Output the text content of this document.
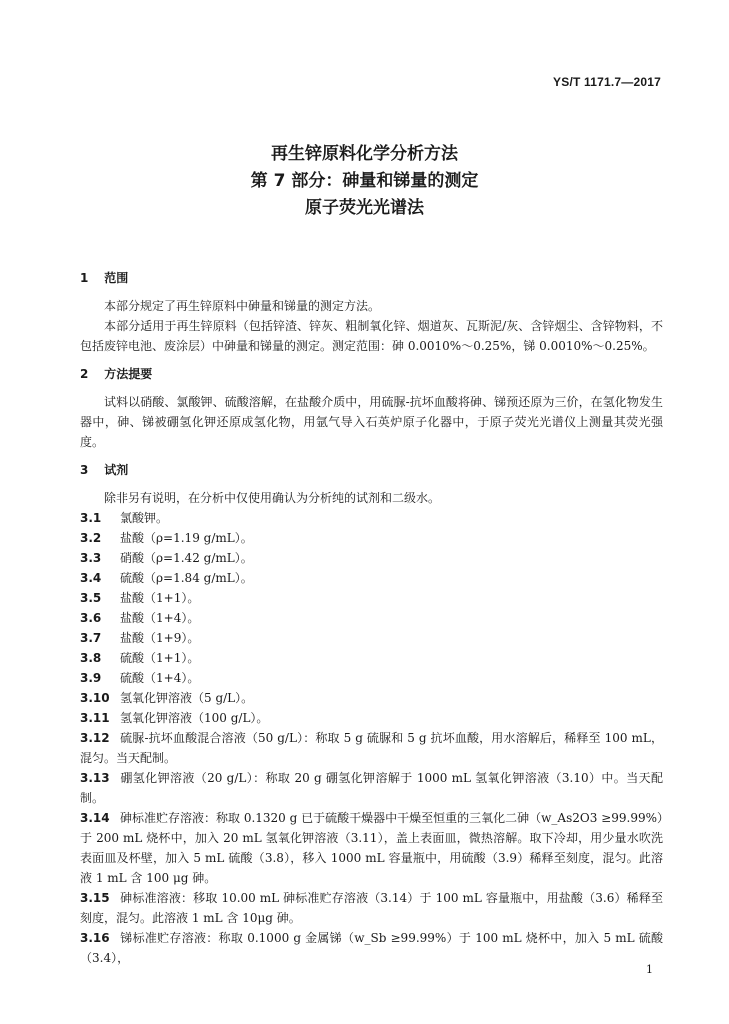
YS/T 1171.7—2017
再生锌原料化学分析方法
第 7 部分：砷量和锑量的测定
原子荧光光谱法
1 范围

本部分规定了再生锌原料中砷量和锑量的测定方法。

本部分适用于再生锌原料（包括锌渣、锌灰、粗制氧化锌、烟道灰、瓦斯泥/灰、含锌烟尘、含锌物料，不包括废锌电池、废涂层）中砷量和锑量的测定。测定范围：砷 0.0010%～0.25%，锑 0.0010%～0.25%。

2 方法提要

试料以硝酸、氯酸钾、硫酸溶解，在盐酸介质中，用硫脲-抗坏血酸将砷、锑预还原为三价，在氢化物发生器中，砷、锑被硼氢化钾还原成氢化物，用氩气导入石英炉原子化器中，于原子荧光光谱仪上测量其荧光强度。

3 试剂

除非另有说明，在分析中仅使用确认为分析纯的试剂和二级水。

3.1 氯酸钾。

3.2 盐酸（ρ=1.19 g/mL）。

3.3 硝酸（ρ=1.42 g/mL）。

3.4 硫酸（ρ=1.84 g/mL）。

3.5 盐酸（1+1）。

3.6 盐酸（1+4）。

3.7 盐酸（1+9）。

3.8 硫酸（1+1）。

3.9 硫酸（1+4）。

3.10 氢氧化钾溶液（5 g/L）。

3.11 氢氧化钾溶液（100 g/L）。

3.12 硫脲-抗坏血酸混合溶液（50 g/L）：称取 5 g 硫脲和 5 g 抗坏血酸，用水溶解后，稀释至 100 mL，混匀。当天配制。

3.13 硼氢化钾溶液（20 g/L）：称取 20 g 硼氢化钾溶解于 1000 mL 氢氧化钾溶液（3.10）中。当天配制。

3.14 砷标准贮存溶液：称取 0.1320 g 已于硫酸干燥器中干燥至恒重的三氧化二砷（w_As2O3 ≥99.99%）于 200 mL 烧杯中，加入 20 mL 氢氧化钾溶液（3.11），盖上表面皿，微热溶解。取下冷却，用少量水吹洗表面皿及杯壁，加入 5 mL 硫酸（3.8），移入 1000 mL 容量瓶中，用硫酸（3.9）稀释至刻度，混匀。此溶液 1 mL 含 100 μg 砷。

3.15 砷标准溶液：移取 10.00 mL 砷标准贮存溶液（3.14）于 100 mL 容量瓶中，用盐酸（3.6）稀释至刻度，混匀。此溶液 1 mL 含 10μg 砷。

3.16 锑标准贮存溶液：称取 0.1000 g 金属锑（w_Sb ≥99.99%）于 100 mL 烧杯中，加入 5 mL 硫酸（3.4），

1
